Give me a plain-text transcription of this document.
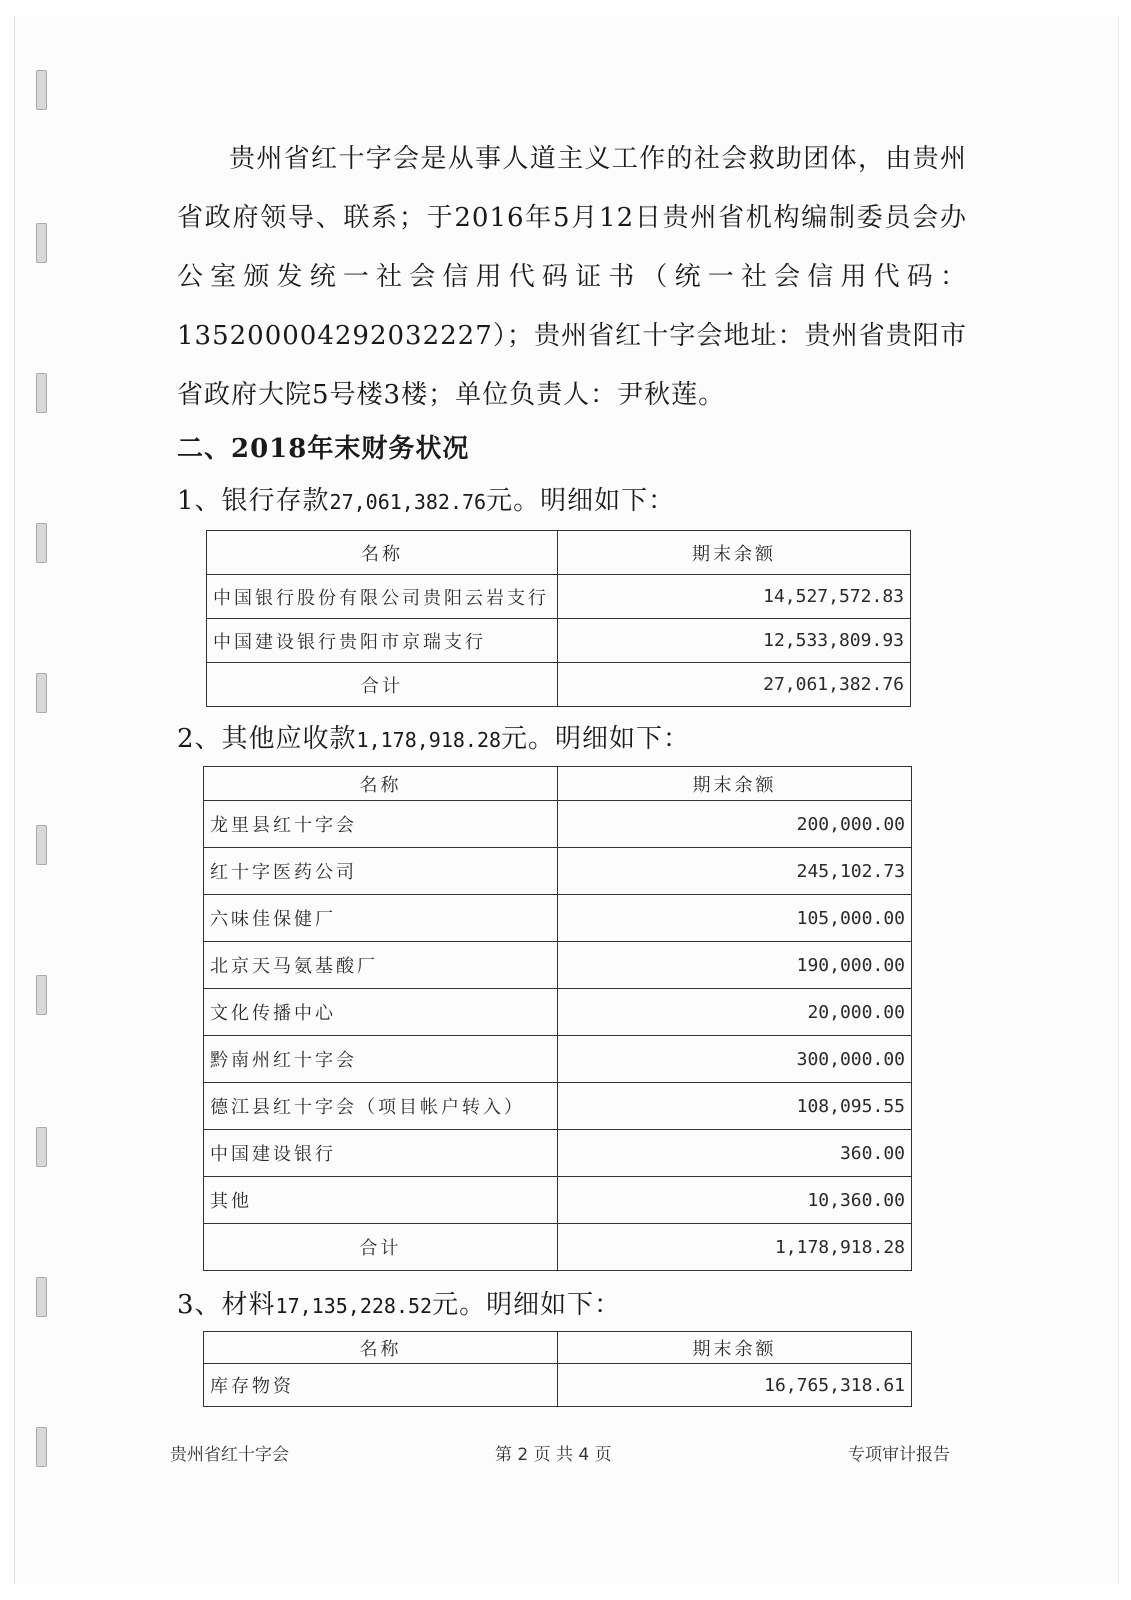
贵州省红十字会是从事人道主义工作的社会救助团体，由贵州省政府领导、联系；于2016年5月12日贵州省机构编制委员会办公室颁发统一社会信用代码证书（统一社会信用代码：135200004292032227）；贵州省红十字会地址：贵州省贵阳市省政府大院5号楼3楼；单位负责人：尹秋莲。

二、2018年末财务状况

1、银行存款27,061,382.76元。明细如下：

名称	期末余额
中国银行股份有限公司贵阳云岩支行	14,527,572.83
中国建设银行贵阳市京瑞支行	12,533,809.93
合计	27,061,382.76

2、其他应收款1,178,918.28元。明细如下：

名称	期末余额
龙里县红十字会	200,000.00
红十字医药公司	245,102.73
六味佳保健厂	105,000.00
北京天马氨基酸厂	190,000.00
文化传播中心	20,000.00
黔南州红十字会	300,000.00
德江县红十字会（项目帐户转入）	108,095.55
中国建设银行	360.00
其他	10,360.00
合计	1,178,918.28

3、材料17,135,228.52元。明细如下：

名称	期末余额
库存物资	16,765,318.61

贵州省红十字会	第 2 页 共 4 页	专项审计报告
